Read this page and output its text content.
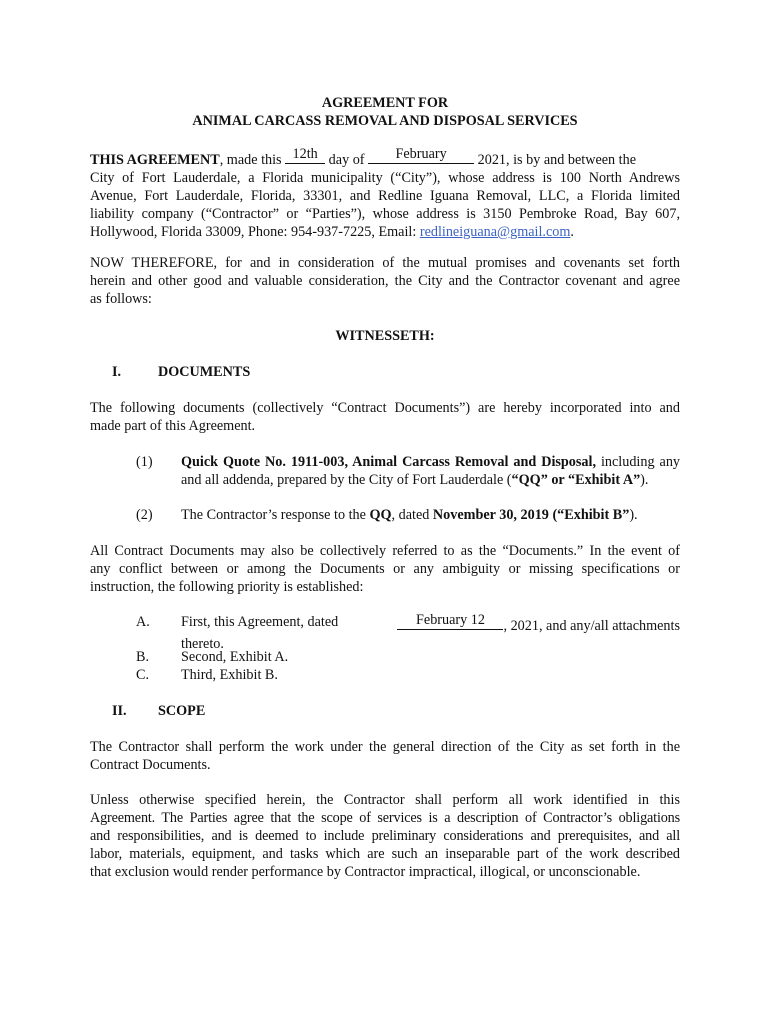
AGREEMENT FOR
ANIMAL CARCASS REMOVAL AND DISPOSAL SERVICES
THIS AGREEMENT, made this 12th day of	February	2021, is by and between the
City of Fort Lauderdale, a Florida municipality (“City”), whose address is 100 North Andrews
Avenue, Fort Lauderdale, Florida, 33301, and Redline Iguana Removal, LLC, a Florida limited
liability company (“Contractor” or “Parties”), whose address is 3150 Pembroke Road, Bay 607,
Hollywood, Florida 33009, Phone: 954-937-7225, Email: redlineiguana@gmail.com.
NOW THEREFORE, for and in consideration of the mutual promises and covenants set forth
herein and other good and valuable consideration, the City and the Contractor covenant and agree
as follows:
WITNESSETH:
I.	DOCUMENTS
The following documents (collectively “Contract Documents”) are hereby incorporated into and
made part of this Agreement.
(1) Quick Quote No. 1911-003, Animal Carcass Removal and Disposal, including any
and all addenda, prepared by the City of Fort Lauderdale (“QQ” or “Exhibit A”).
(2) The Contractor’s response to the QQ, dated November 30, 2019 (“Exhibit B”).
All Contract Documents may also be collectively referred to as the “Documents.” In the event of
any conflict between or among the Documents or any ambiguity or missing specifications or
instruction, the following priority is established:
A. First, this Agreement, dated	February 12	, 2021, and any/all attachments
thereto.
B. Second, Exhibit A.
C. Third, Exhibit B.
II. SCOPE
The Contractor shall perform the work under the general direction of the City as set forth in the
Contract Documents.
Unless otherwise specified herein, the Contractor shall perform all work identified in this
Agreement. The Parties agree that the scope of services is a description of Contractor’s obligations
and responsibilities, and is deemed to include preliminary considerations and prerequisites, and all
labor, materials, equipment, and tasks which are such an inseparable part of the work described
that exclusion would render performance by Contractor impractical, illogical, or unconscionable.
